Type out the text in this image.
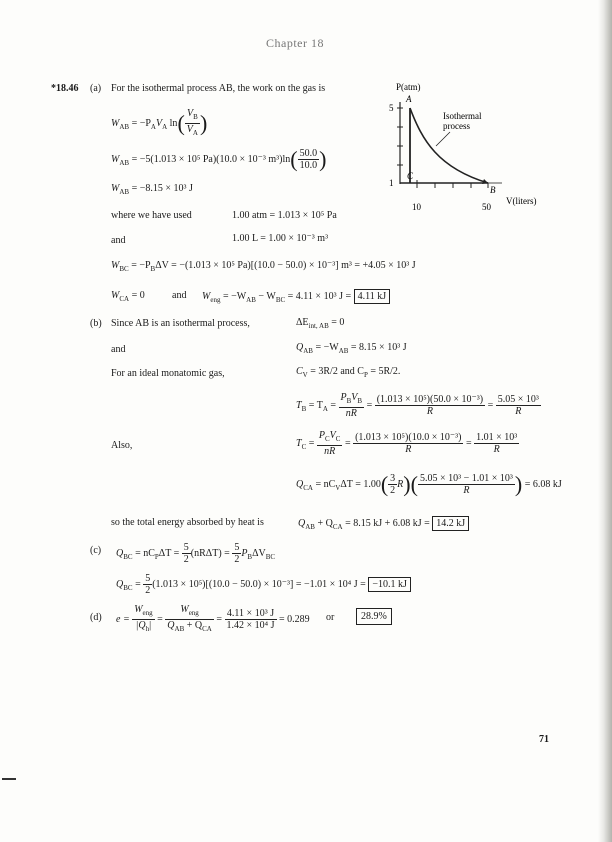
Chapter 18
*18.46 (a) For the isothermal process AB, the work on the gas is
$W_{AB} = -P_AV_A$ $\ln( \frac{V_B}{V_A}$ )
$W_{AB} = -5(1.013 \times 10^5$ Pa)(10.0 × 10⁻³ $m^3)\ln( \frac{50.0}{10.0}$ )
$W_{AB} = -8.15 \times 10^3$ J
where we have used	1.00 atm = 1.013 × 10⁵ Pa
and	1.00 L = 1.00 × 10⁻³ m³
$W_{BC} = -P_B\Delta V = -(1.013 \times 10^5$ Pa)[(10.0 − 50.0) × 10⁻³] m³ = +4.05 × 10³ J
$W_{CA} = 0$	and $W_{eng} = -W_{AB} - W_{BC} = 4.11 \times 10^3$ J = 4.11 kJ
P(atm)
5
1
10	50
V(liters)
A
C
B
Isothermal
process
(b) Since AB is an isothermal process,	$\Delta E_{int, AB} = 0$
and	$Q_{AB} = -W_{AB} = 8.15 \times 10^3$ J
For an ideal monatomic gas,	$C_V = 3R/2$ and $C_P = 5R/2$.
$T_B = T_A = \frac{P_BV_B}{nR} = \frac{\text{(1.013 × 10⁵)(50.0 × 10⁻³)}}{R} = \frac{\text{5.05 × 10³}}{R}$
Also,	$T_C = \frac{P_CV_C}{nR} = \frac{\text{(1.013 × 10⁵)(10.0 × 10⁻³)}}{R} = \frac{\text{1.01 × 10³}}{R}$
$Q_{CA} = nC_V\Delta T = 1.00( \frac{3}{2} R)( \frac{\text{5.05 × 10³ − 1.01 × 10³}}{R}$ ) = 6.08 kJ
so the total energy absorbed by heat is	$Q_{AB} + Q_{CA} = 8.15$ kJ + 6.08 kJ = 14.2 kJ
(c) $Q_{BC} = nC_P\Delta T = \frac{5}{2} (nR\Delta T) = \frac{5}{2} P_B\Delta V_{BC}$
$Q_{BC} = \frac{5}{2} (1.013 \times 10^5)[(10.0 - 50.0) \times 10^{-3}] = -1.01 \times 10^4$ J = −10.1 kJ
(d) $e = \frac{W_{eng}}{|Q_h|} = \frac{W_{eng}}{Q_{AB} + Q_{CA}} = \frac{\text{4.11 × 10³ J}}{\text{1.42 × 10⁴ J}} = 0.289$ or	28.9%
71
